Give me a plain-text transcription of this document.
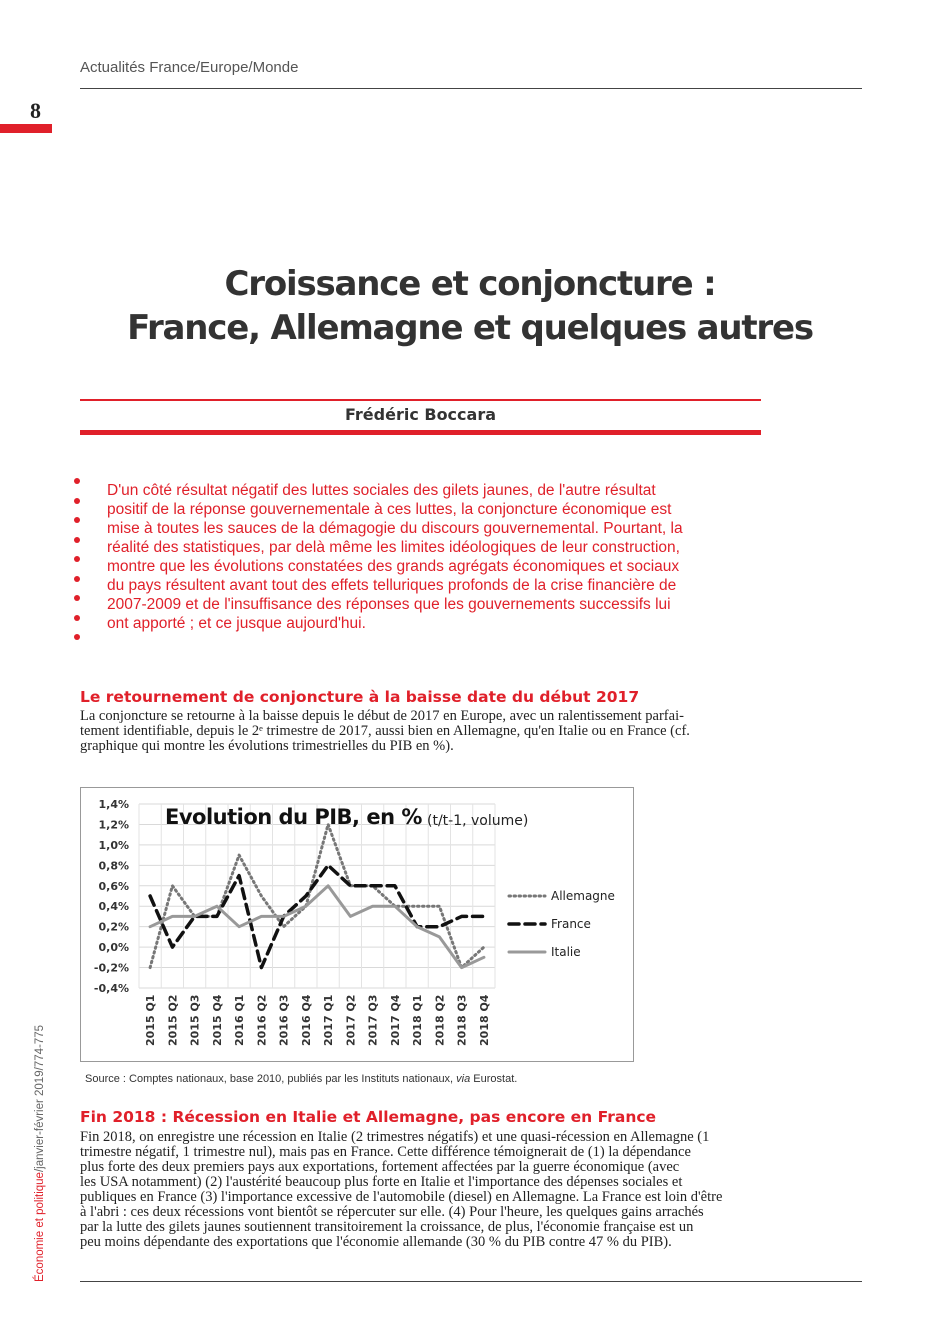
Actualités France/Europe/Monde
8
Économie et politique/janvier-février 2019/774-775
Croissance et conjoncture :
France, Allemagne et quelques autres
Frédéric Boccara
D'un côté résultat négatif des luttes sociales des gilets jaunes, de l'autre résultat
positif de la réponse gouvernementale à ces luttes, la conjoncture économique est
mise à toutes les sauces de la démagogie du discours gouvernemental. Pourtant, la
réalité des statistiques, par delà même les limites idéologiques de leur construction,
montre que les évolutions constatées des grands agrégats économiques et sociaux
du pays résultent avant tout des effets telluriques profonds de la crise financière de
2007-2009 et de l'insuffisance des réponses que les gouvernements successifs lui
ont apporté ; et ce jusque aujourd'hui.
Le retournement de conjoncture à la baisse date du début 2017
La conjoncture se retourne à la baisse depuis le début de 2017 en Europe, avec un ralentissement parfai-
tement identifiable, depuis le 2ᵉ trimestre de 2017, aussi bien en Allemagne, qu'en Italie ou en France (cf.
graphique qui montre les évolutions trimestrielles du PIB en %).
1,4%
1,2%
1,0%
0,8%
0,6%
0,4%
0,2%
0,0%
-0,2%
-0,4%
2015 Q1 2015 Q2 2015 Q3 2015 Q4 2016 Q1 2016 Q2 2016 Q3 2016 Q4 2017 Q1 2017 Q2 2017 Q3 2017 Q4 2018 Q1 2018 Q2 2018 Q3 2018 Q4
Evolution du PIB, en % (t/t-1, volume)
Allemagne
France
Italie
Source : Comptes nationaux, base 2010, publiés par les Instituts nationaux, via Eurostat.
Fin 2018 : Récession en Italie et Allemagne, pas encore en France
Fin 2018, on enregistre une récession en Italie (2 trimestres négatifs) et une quasi-récession en Allemagne (1
trimestre négatif, 1 trimestre nul), mais pas en France. Cette différence témoignerait de (1) la dépendance
plus forte des deux premiers pays aux exportations, fortement affectées par la guerre économique (avec
les USA notamment) (2) l'austérité beaucoup plus forte en Italie et l'importance des dépenses sociales et
publiques en France (3) l'importance excessive de l'automobile (diesel) en Allemagne. La France est loin d'être
à l'abri : ces deux récessions vont bientôt se répercuter sur elle. (4) Pour l'heure, les quelques gains arrachés
par la lutte des gilets jaunes soutiennent transitoirement la croissance, de plus, l'économie française est un
peu moins dépendante des exportations que l'économie allemande (30 % du PIB contre 47 % du PIB).
